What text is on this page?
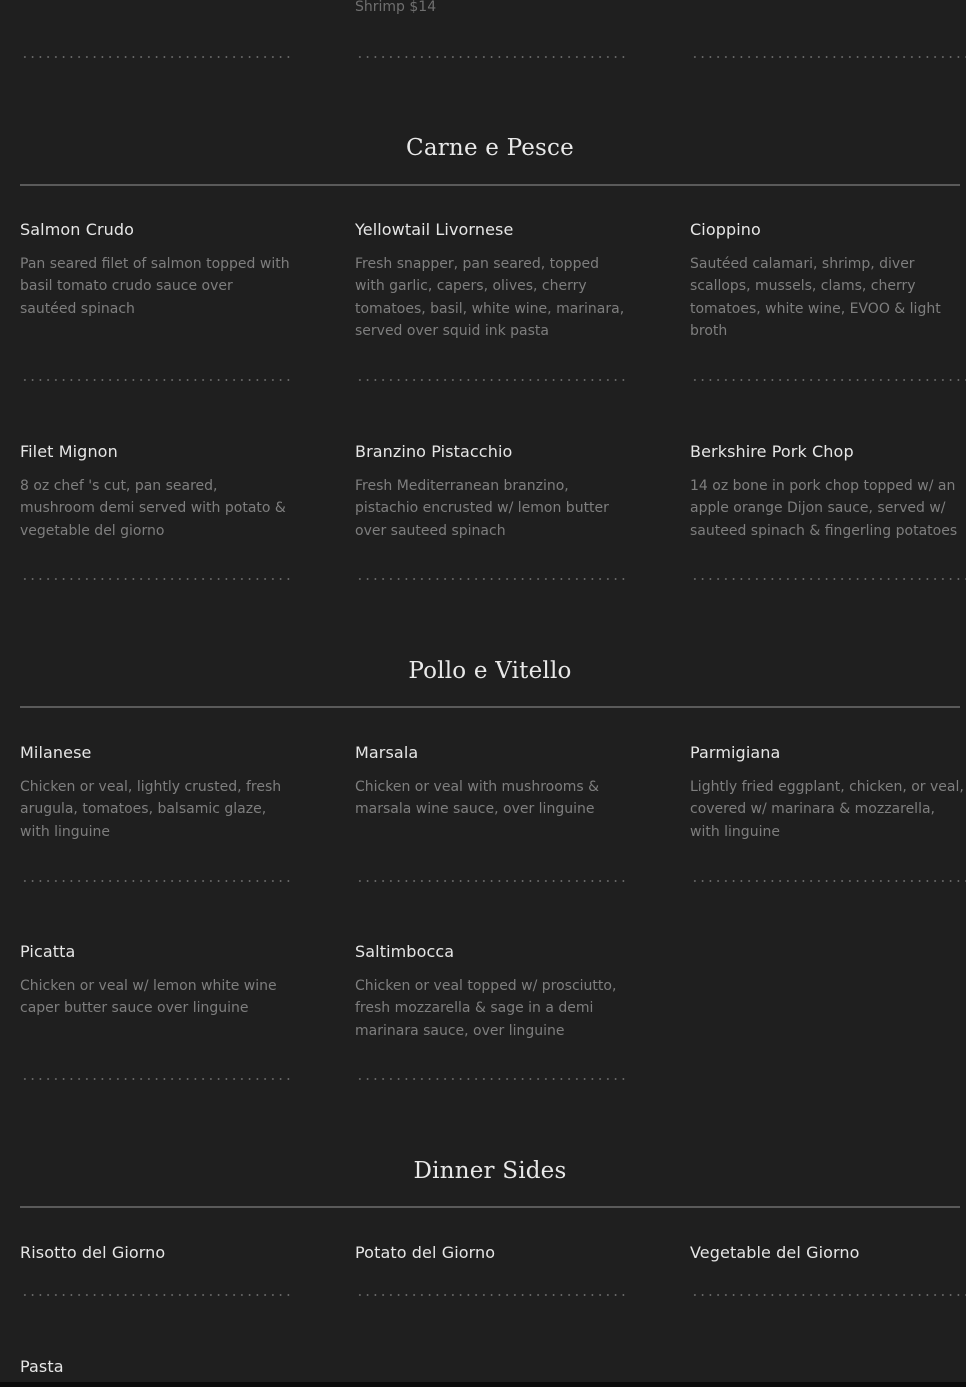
Shrimp $14
Carne e Pesce
Salmon Crudo
Pan seared filet of salmon topped with basil tomato crudo sauce over sautéed spinach
Yellowtail Livornese
Fresh snapper, pan seared, topped with garlic, capers, olives, cherry tomatoes, basil, white wine, marinara, served over squid ink pasta
Cioppino
Sautéed calamari, shrimp, diver scallops, mussels, clams, cherry tomatoes, white wine, EVOO & light broth
Filet Mignon
8 oz chef 's cut, pan seared, mushroom demi served with potato & vegetable del giorno
Branzino Pistacchio
Fresh Mediterranean branzino, pistachio encrusted w/ lemon butter over sauteed spinach
Berkshire Pork Chop
14 oz bone in pork chop topped w/ an apple orange Dijon sauce, served w/ sauteed spinach & fingerling potatoes
Pollo e Vitello
Milanese
Chicken or veal, lightly crusted, fresh arugula, tomatoes, balsamic glaze, with linguine
Marsala
Chicken or veal with mushrooms & marsala wine sauce, over linguine
Parmigiana
Lightly fried eggplant, chicken, or veal, covered w/ marinara & mozzarella, with linguine
Picatta
Chicken or veal w/ lemon white wine caper butter sauce over linguine
Saltimbocca
Chicken or veal topped w/ prosciutto, fresh mozzarella & sage in a demi marinara sauce, over linguine
Dinner Sides
Risotto del Giorno	Potato del Giorno	Vegetable del Giorno
Pasta
